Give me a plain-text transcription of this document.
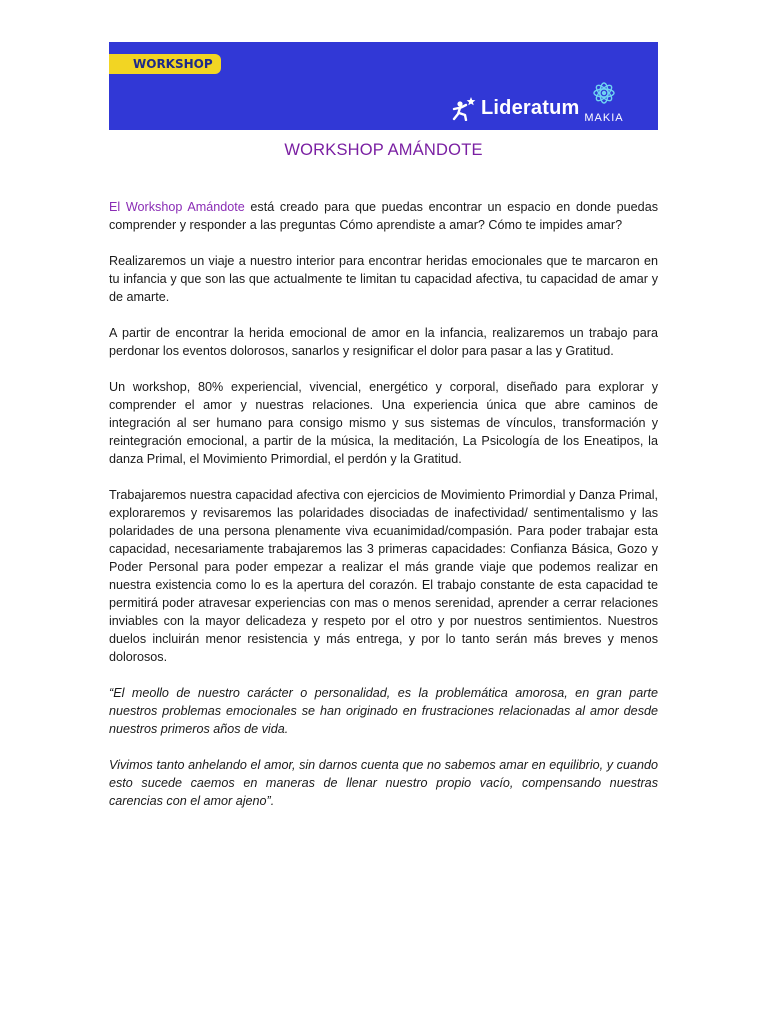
WORKSHOP
Lideratum MAKIA
WORKSHOP AMÁNDOTE

El Workshop Amándote está creado para que puedas encontrar un espacio en donde puedas comprender y responder a las preguntas Cómo aprendiste a amar? Cómo te impides amar?

Realizaremos un viaje a nuestro interior para encontrar heridas emocionales que te marcaron en tu infancia y que son las que actualmente te limitan tu capacidad afectiva, tu capacidad de amar y de amarte.

A partir de encontrar la herida emocional de amor en la infancia, realizaremos un trabajo para perdonar los eventos dolorosos, sanarlos y resignificar el dolor para pasar a las y Gratitud.

Un workshop, 80% experiencial, vivencial, energético y corporal, diseñado para explorar y comprender el amor y nuestras relaciones. Una experiencia única que abre caminos de integración al ser humano para consigo mismo y sus sistemas de vínculos, transformación y reintegración emocional, a partir de la música, la meditación, La Psicología de los Eneatipos, la danza Primal, el Movimiento Primordial, el perdón y la Gratitud.

Trabajaremos nuestra capacidad afectiva con ejercicios de Movimiento Primordial y Danza Primal, exploraremos y revisaremos las polaridades disociadas de inafectividad/ sentimentalismo y las polaridades de una persona plenamente viva ecuanimidad/compasión. Para poder trabajar esta capacidad, necesariamente trabajaremos las 3 primeras capacidades: Confianza Básica, Gozo y Poder Personal para poder empezar a realizar el más grande viaje que podemos realizar en nuestra existencia como lo es la apertura del corazón. El trabajo constante de esta capacidad te permitirá poder atravesar experiencias con mas o menos serenidad, aprender a cerrar relaciones inviables con la mayor delicadeza y respeto por el otro y por nuestros sentimientos. Nuestros duelos incluirán menor resistencia y más entrega, y por lo tanto serán más breves y menos dolorosos.

“El meollo de nuestro carácter o personalidad, es la problemática amorosa, en gran parte nuestros problemas emocionales se han originado en frustraciones relacionadas al amor desde nuestros primeros años de vida.

Vivimos tanto anhelando el amor, sin darnos cuenta que no sabemos amar en equilibrio, y cuando esto sucede caemos en maneras de llenar nuestro propio vacío, compensando nuestras carencias con el amor ajeno”.
